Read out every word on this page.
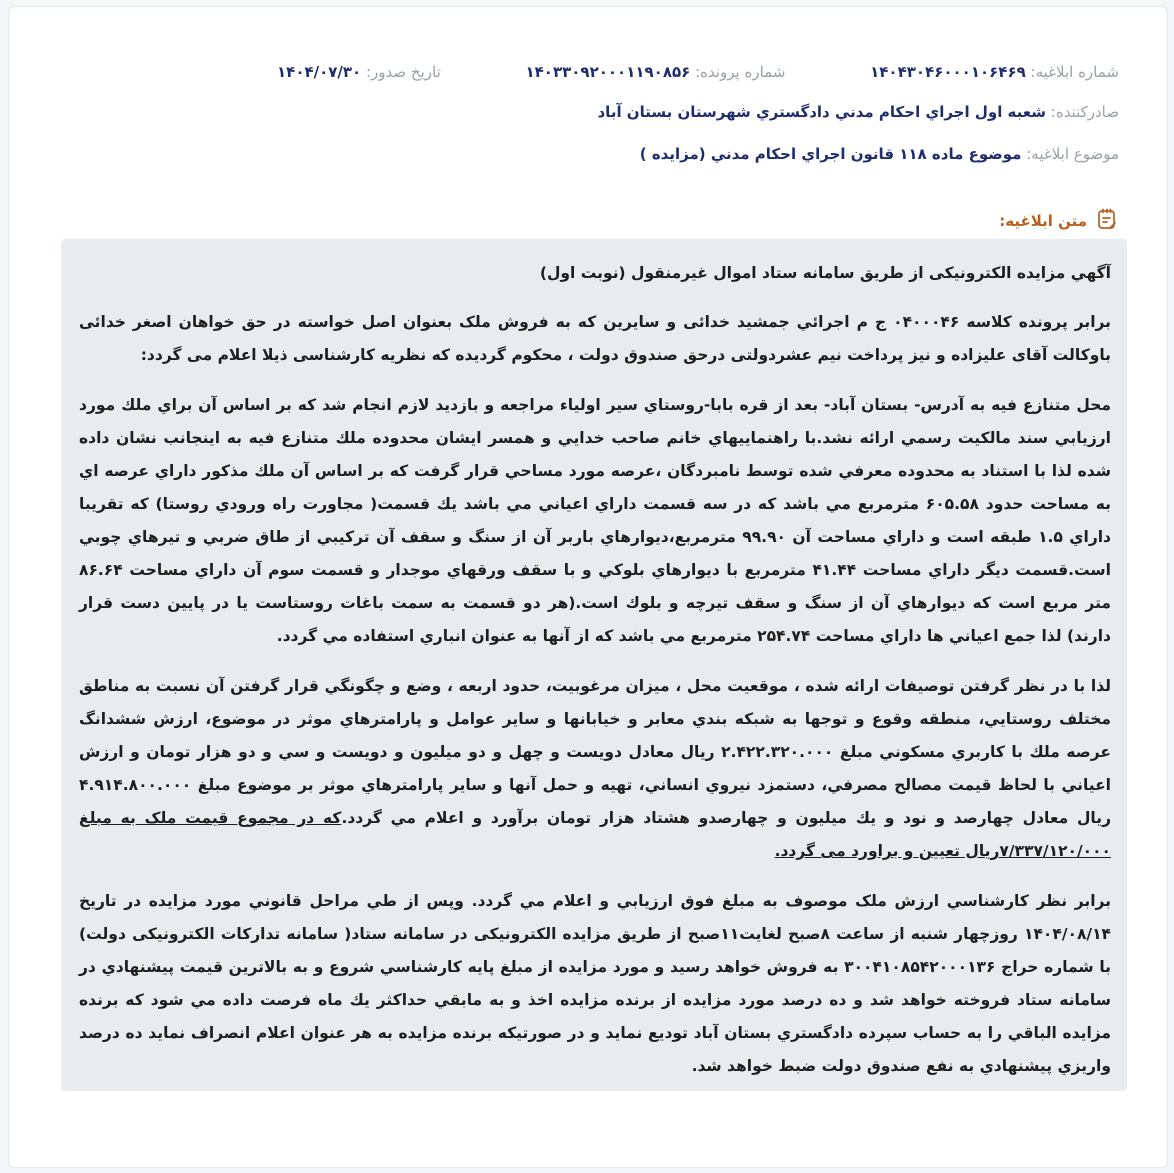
شماره ابلاغیه: ۱۴۰۴۳۰۴۶۰۰۰۱۰۶۴۶۹
شماره پرونده: ۱۴۰۳۳۰۹۲۰۰۰۱۱۹۰۸۵۶
تاریخ صدور: ۱۴۰۴/۰۷/۳۰
صادرکننده: شعبه اول اجراي احكام مدني دادگستري شهرستان بستان آباد
موضوع ابلاغیه: موضوع ماده ۱۱۸ قانون اجراي احكام مدني (مزايده )
متن ابلاغیه:

آگهي مزايده الكترونيكی از طريق سامانه ستاد اموال غيرمنقول (نوبت اول)

برابر پرونده كلاسه ۰۴۰۰۰۴۶ ج م اجرائي جمشيد خدائی و سايرين كه به فروش ملک بعنوان اصل خواسته در حق خواهان اصغر خدائی باوكالت آقای عليزاده و نيز پرداخت نيم عشردولتی درحق صندوق دولت ، محكوم گرديده كه نظريه كارشناسی ذيلا اعلام می گردد:

محل متنازع فيه به آدرس- بستان آباد- بعد از قره بابا-روستاي سير اولياء مراجعه و بازديد لازم انجام شد كه بر اساس آن براي ملك مورد ارزيابي سند مالكيت رسمي ارائه نشد.با راهنماييهاي خانم صاحب خدايي و همسر ايشان محدوده ملك متنازع فيه به اينجانب نشان داده شده لذا با استناد به محدوده معرفي شده توسط نامبردگان ،عرصه مورد مساحي قرار گرفت كه بر اساس آن ملك مذكور داراي عرصه اي به مساحت حدود ۶۰۵.۵۸ مترمربع مي باشد كه در سه قسمت داراي اعياني مي باشد يك قسمت( مجاورت راه ورودي روستا) كه تقريبا داراي ۱.۵ طبقه است و داراي مساحت آن ۹۹.۹۰ مترمربع،ديوارهاي باربر آن از سنگ و سقف آن تركيبي از طاق ضربي و تيرهاي چوبي است.قسمت ديگر داراي مساحت ۴۱.۴۴ مترمربع با ديوارهاي بلوكي و با سقف ورقهاي موجدار و قسمت سوم آن داراي مساحت ۸۶.۶۴ متر مربع است كه ديوارهاي آن از سنگ و سقف تيرچه و بلوك است.(هر دو قسمت به سمت باغات روستاست يا در پايين دست قرار دارند) لذا جمع اعياني ها داراي مساحت ۲۵۴.۷۴ مترمربع مي باشد كه از آنها به عنوان انباري استفاده مي گردد.

لذا با در نظر گرفتن توصيفات ارائه شده ، موقعيت محل ، ميزان مرغوبيت، حدود اربعه ، وضع و چگونگي قرار گرفتن آن نسبت به مناطق مختلف روستايي، منطقه وقوع و توجها به شبكه بندي معابر و خيابانها و ساير عوامل و پارامترهاي موثر در موضوع، ارزش ششدانگ عرصه ملك با كاربري مسكوني مبلغ ۲.۴۲۲.۳۲۰.۰۰۰ ريال معادل دويست و چهل و دو ميليون و دويست و سي و دو هزار تومان و ارزش اعياني با لحاظ قيمت مصالح مصرفي، دستمزد نيروي انساني، تهيه و حمل آنها و ساير پارامترهاي موثر بر موضوع مبلغ ۴.۹۱۴.۸۰۰.۰۰۰ ريال معادل چهارصد و نود و يك ميليون و چهارصدو هشتاد هزار تومان برآورد و اعلام مي گردد.که در مجموع قيمت ملک به مبلغ ۷/۳۳۷/۱۲۰/۰۰۰ریال تعیین و براورد می گردد.

برابر نظر كارشناسي ارزش ملک موصوف به مبلغ فوق ارزيابي و اعلام مي گردد. وپس از طي مراحل قانوني مورد مزايده در تاريخ ۱۴۰۴/۰۸/۱۴ روزچهار شنبه از ساعت ۸صبح لغايت۱۱صبح از طريق مزايده الكترونيكی در سامانه ستاد( سامانه تداركات الكترونيكی دولت) با شماره حراج ۳۰۰۴۱۰۸۵۴۲۰۰۰۱۳۶ به فروش خواهد رسيد و مورد مزايده از مبلغ پايه كارشناسي شروع و به بالاترين قيمت پيشنهادي در سامانه ستاد فروخته خواهد شد و ده درصد مورد مزايده از برنده مزايده اخذ و به مابقي حداكثر يك ماه فرصت داده مي شود كه برنده مزايده الباقي را به حساب سپرده دادگستري بستان آباد توديع نمايد و در صورتيكه برنده مزايده به هر عنوان اعلام انصراف نمايد ده درصد واريزي پيشنهادي به نفع صندوق دولت ضبط خواهد شد.
